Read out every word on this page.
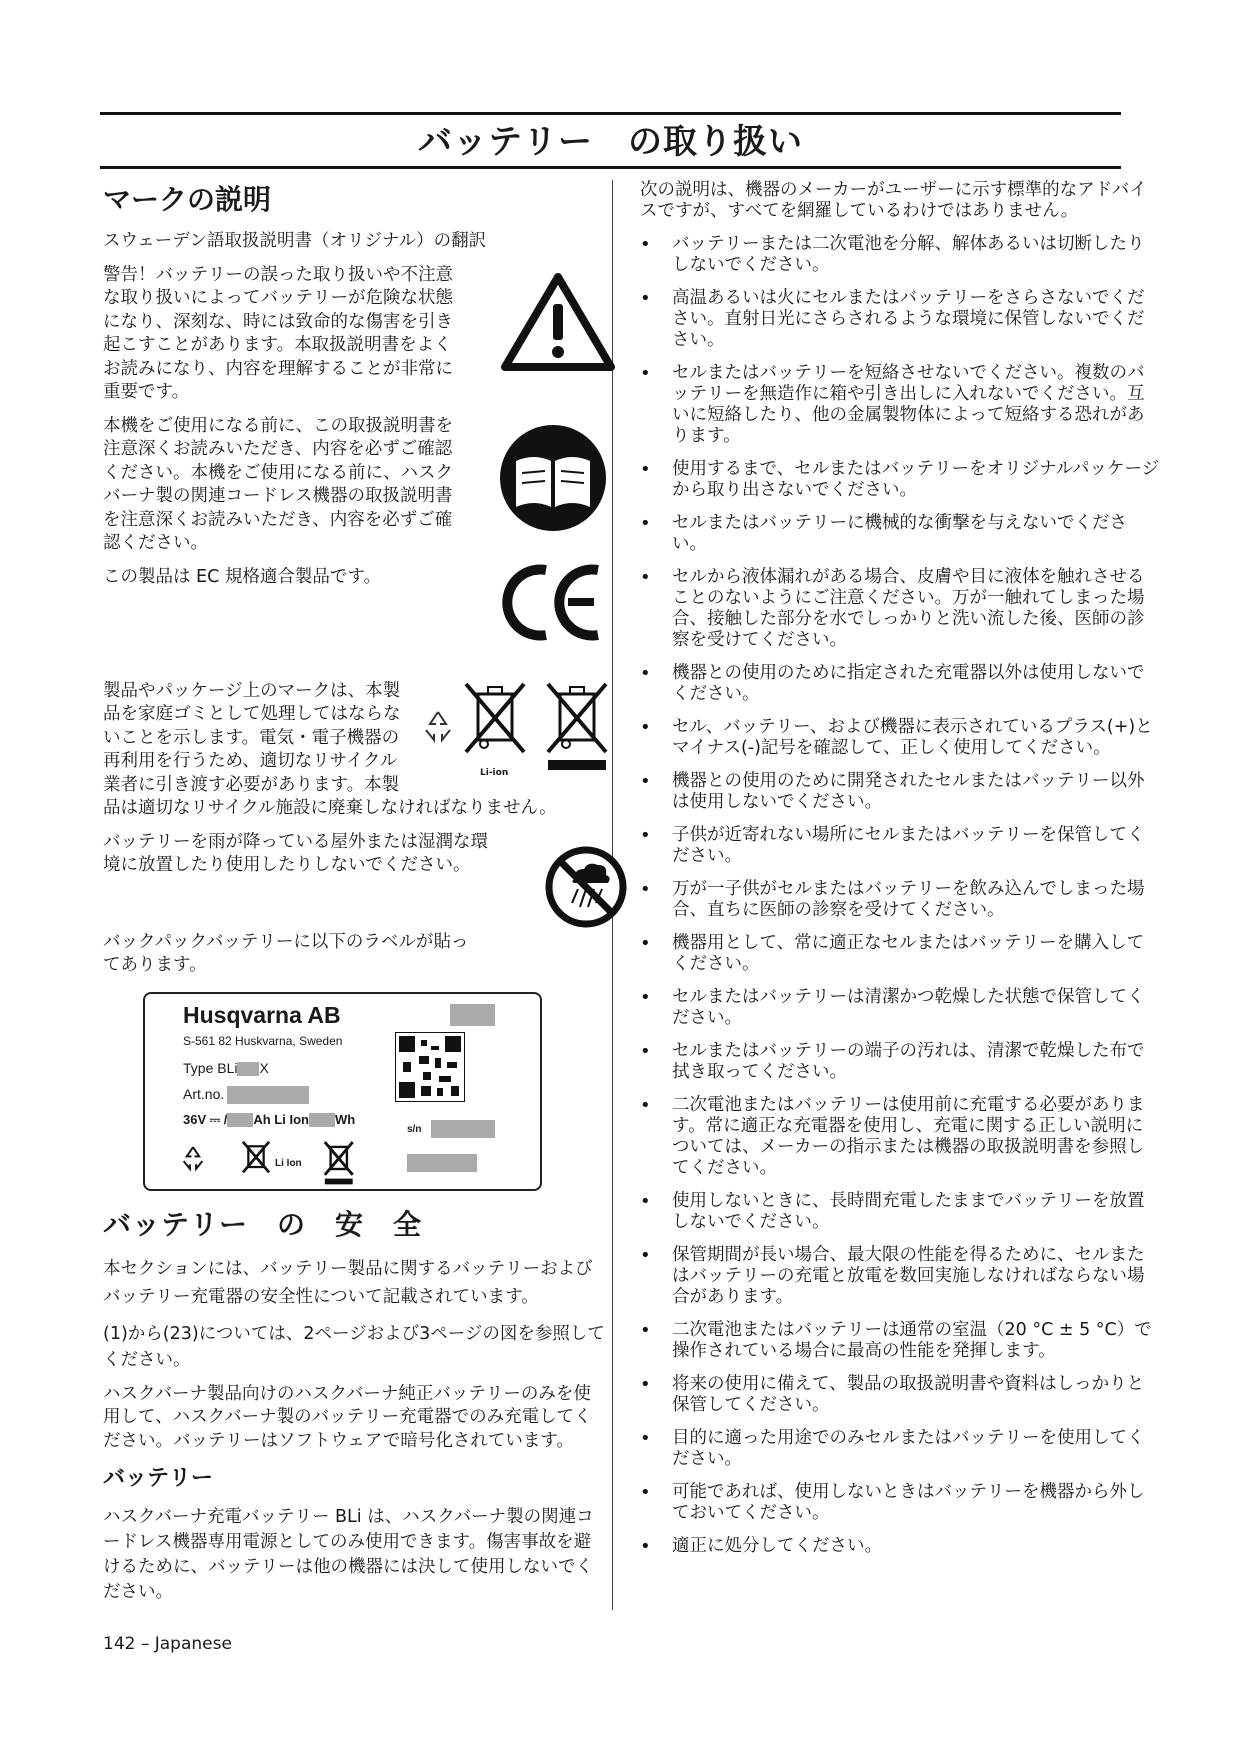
バッテリー　の取り扱い
マークの説明
スウェーデン語取扱説明書（オリジナル）の翻訳
警告！バッテリーの誤った取り扱いや不注意な取り扱いによってバッテリーが危険な状態になり、深刻な、時には致命的な傷害を引き起こすことがあります。本取扱説明書をよくお読みになり、内容を理解することが非常に重要です。
本機をご使用になる前に、この取扱説明書を注意深くお読みいただき、内容を必ずご確認ください。本機をご使用になる前に、ハスクバーナ製の関連コードレス機器の取扱説明書を注意深くお読みいただき、内容を必ずご確認ください。
この製品は EC 規格適合製品です。
Li-ion
製品やパッケージ上のマークは、本製品を家庭ゴミとして処理してはならないことを示します。電気・電子機器の再利用を行うため、適切なリサイクル業者に引き渡す必要があります。本製品は適切なリサイクル施設に廃棄しなければなりません。
バッテリーを雨が降っている屋外または湿潤な環境に放置したり使用したりしないでください。
バックパックバッテリーに以下のラベルが貼ってあります。
Husqvarna AB
S-561 82 Huskvarna, Sweden
Type BLi X
Art.no.
36V ⎓ / Ah Li Ion Wh
s/n
Li Ion
バッテリー　の　安　全
本セクションには、バッテリー製品に関するバッテリーおよびバッテリー充電器の安全性について記載されています。
(1)から(23)については、2ページおよび3ページの図を参照してください。
ハスクバーナ製品向けのハスクバーナ純正バッテリーのみを使用して、ハスクバーナ製のバッテリー充電器でのみ充電してください。バッテリーはソフトウェアで暗号化されています。
バッテリー
ハスクバーナ充電バッテリー BLi は、ハスクバーナ製の関連コードレス機器専用電源としてのみ使用できます。傷害事故を避けるために、バッテリーは他の機器には決して使用しないでください。
次の説明は、機器のメーカーがユーザーに示す標準的なアドバイスですが、すべてを網羅しているわけではありません。
• バッテリーまたは二次電池を分解、解体あるいは切断したりしないでください。
• 高温あるいは火にセルまたはバッテリーをさらさないでください。直射日光にさらされるような環境に保管しないでください。
• セルまたはバッテリーを短絡させないでください。複数のバッテリーを無造作に箱や引き出しに入れないでください。互いに短絡したり、他の金属製物体によって短絡する恐れがあります。
• 使用するまで、セルまたはバッテリーをオリジナルパッケージから取り出さないでください。
• セルまたはバッテリーに機械的な衝撃を与えないでください。
• セルから液体漏れがある場合、皮膚や目に液体を触れさせることのないようにご注意ください。万が一触れてしまった場合、接触した部分を水でしっかりと洗い流した後、医師の診察を受けてください。
• 機器との使用のために指定された充電器以外は使用しないでください。
• セル、バッテリー、および機器に表示されているプラス(+)とマイナス(-)記号を確認して、正しく使用してください。
• 機器との使用のために開発されたセルまたはバッテリー以外は使用しないでください。
• 子供が近寄れない場所にセルまたはバッテリーを保管してください。
• 万が一子供がセルまたはバッテリーを飲み込んでしまった場合、直ちに医師の診察を受けてください。
• 機器用として、常に適正なセルまたはバッテリーを購入してください。
• セルまたはバッテリーは清潔かつ乾燥した状態で保管してください。
• セルまたはバッテリーの端子の汚れは、清潔で乾燥した布で拭き取ってください。
• 二次電池またはバッテリーは使用前に充電する必要があります。常に適正な充電器を使用し、充電に関する正しい説明については、メーカーの指示または機器の取扱説明書を参照してください。
• 使用しないときに、長時間充電したままでバッテリーを放置しないでください。
• 保管期間が長い場合、最大限の性能を得るために、セルまたはバッテリーの充電と放電を数回実施しなければならない場合があります。
• 二次電池またはバッテリーは通常の室温（20 °C ± 5 °C）で操作されている場合に最高の性能を発揮します。
• 将来の使用に備えて、製品の取扱説明書や資料はしっかりと保管してください。
• 目的に適った用途でのみセルまたはバッテリーを使用してください。
• 可能であれば、使用しないときはバッテリーを機器から外しておいてください。
• 適正に処分してください。
142 – Japanese
